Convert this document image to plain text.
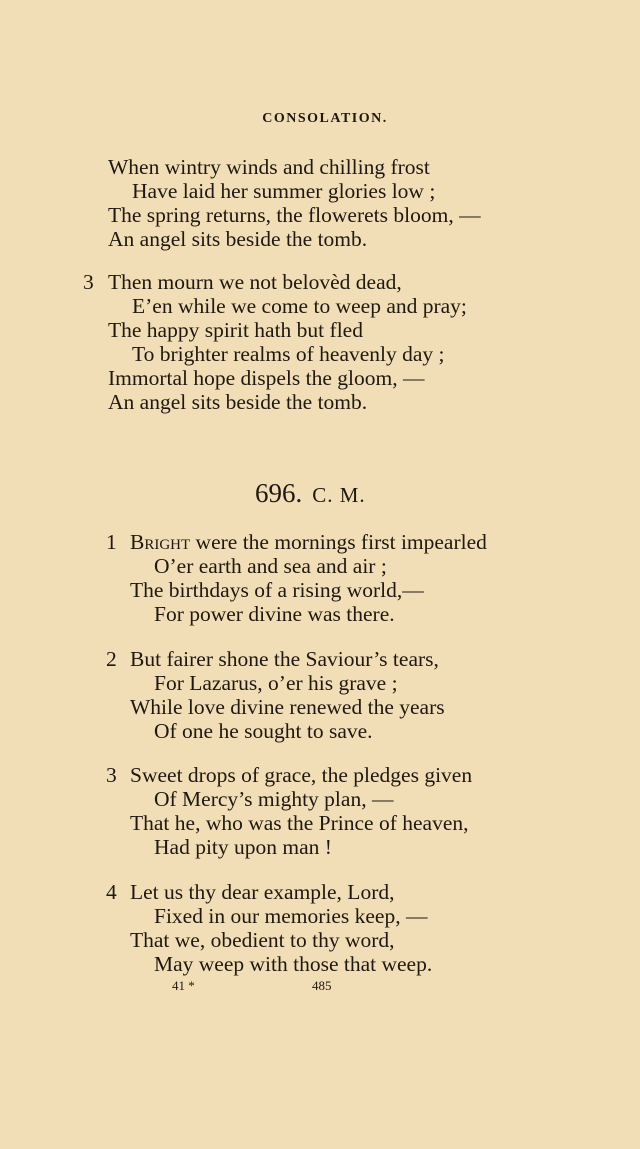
CONSOLATION.
When wintry winds and chilling frost
Have laid her summer glories low ;
The spring returns, the flowerets bloom, —
An angel sits beside the tomb.
3 Then mourn we not belovèd dead,
E’en while we come to weep and pray;
The happy spirit hath but fled
To brighter realms of heavenly day ;
Immortal hope dispels the gloom, —
An angel sits beside the tomb.
696. C. M.
1 Bright were the mornings first impearled
O’er earth and sea and air ;
The birthdays of a rising world,—
For power divine was there.
2 But fairer shone the Saviour’s tears,
For Lazarus, o’er his grave ;
While love divine renewed the years
Of one he sought to save.
3 Sweet drops of grace, the pledges given
Of Mercy’s mighty plan, —
That he, who was the Prince of heaven,
Had pity upon man !
4 Let us thy dear example, Lord,
Fixed in our memories keep, —
That we, obedient to thy word,
May weep with those that weep.
41 *	485
